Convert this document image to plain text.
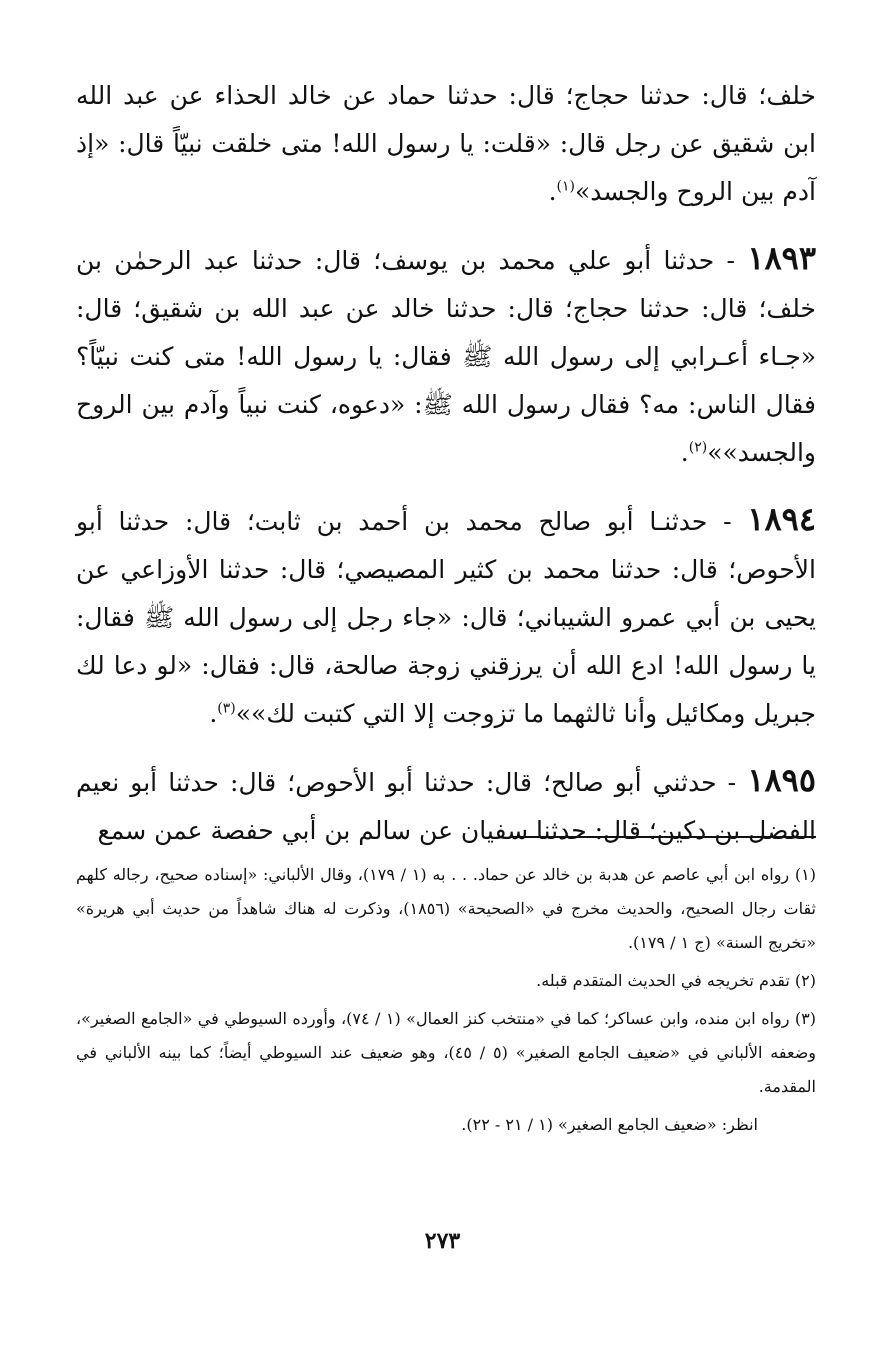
خلف؛ قال: حدثنا حجاج؛ قال: حدثنا حماد عن خالد الحذاء عن عبد الله ابن شقيق عن رجل قال: «قلت: يا رسول الله! متى خلقت نبيّاً قال: «إذ آدم بين الروح والجسد»$^{(١)}$.

١٨٩٣ - حدثنا أبو علي محمد بن يوسف؛ قال: حدثنا عبد الرحمٰن بن خلف؛ قال: حدثنا حجاج؛ قال: حدثنا خالد عن عبد الله بن شقيق؛ قال: «جـاء أعـرابي إلى رسول الله ﷺ فقال: يا رسول الله! متى كنت نبيّاً؟ فقال الناس: مه؟ فقال رسول الله ﷺ: «دعوه، كنت نبياً وآدم بين الروح والجسد»»$^{(٢)}$.

١٨٩٤ - حدثنـا أبو صالح محمد بن أحمد بن ثابت؛ قال: حدثنا أبو الأحوص؛ قال: حدثنا محمد بن كثير المصيصي؛ قال: حدثنا الأوزاعي عن يحيى بن أبي عمرو الشيباني؛ قال: «جاء رجل إلى رسول الله ﷺ فقال: يا رسول الله! ادع الله أن يرزقني زوجة صالحة، قال: فقال: «لو دعا لك جبريل ومكائيل وأنا ثالثهما ما تزوجت إلا التي كتبت لك»»$^{(٣)}$.

١٨٩٥ - حدثني أبو صالح؛ قال: حدثنا أبو الأحوص؛ قال: حدثنا أبو نعيم الفضل بن دكين؛ قال: حدثنا سفيان عن سالم بن أبي حفصة عمن سمع

(١) رواه ابن أبي عاصم عن هدبة بن خالد عن حماد. . . به (١ / ١٧٩)، وقال الألباني: «إسناده صحيح، رجاله كلهم ثقات رجال الصحيح، والحديث مخرج في «الصحيحة» (١٨٥٦)، وذكرت له هناك شاهداً من حديث أبي هريرة» «تخريج السنة» (ج ١ / ١٧٩).

(٢) تقدم تخريجه في الحديث المتقدم قبله.

(٣) رواه ابن منده، وابن عساكر؛ كما في «منتخب كنز العمال» (١ / ٧٤)، وأورده السيوطي في «الجامع الصغير»، وضعفه الألباني في «ضعيف الجامع الصغير» (٥ / ٤٥)، وهو ضعيف عند السيوطي أيضاً؛ كما بينه الألباني في المقدمة.

انظر: «ضعيف الجامع الصغير» (١ / ٢١ - ٢٢).

٢٧٣
